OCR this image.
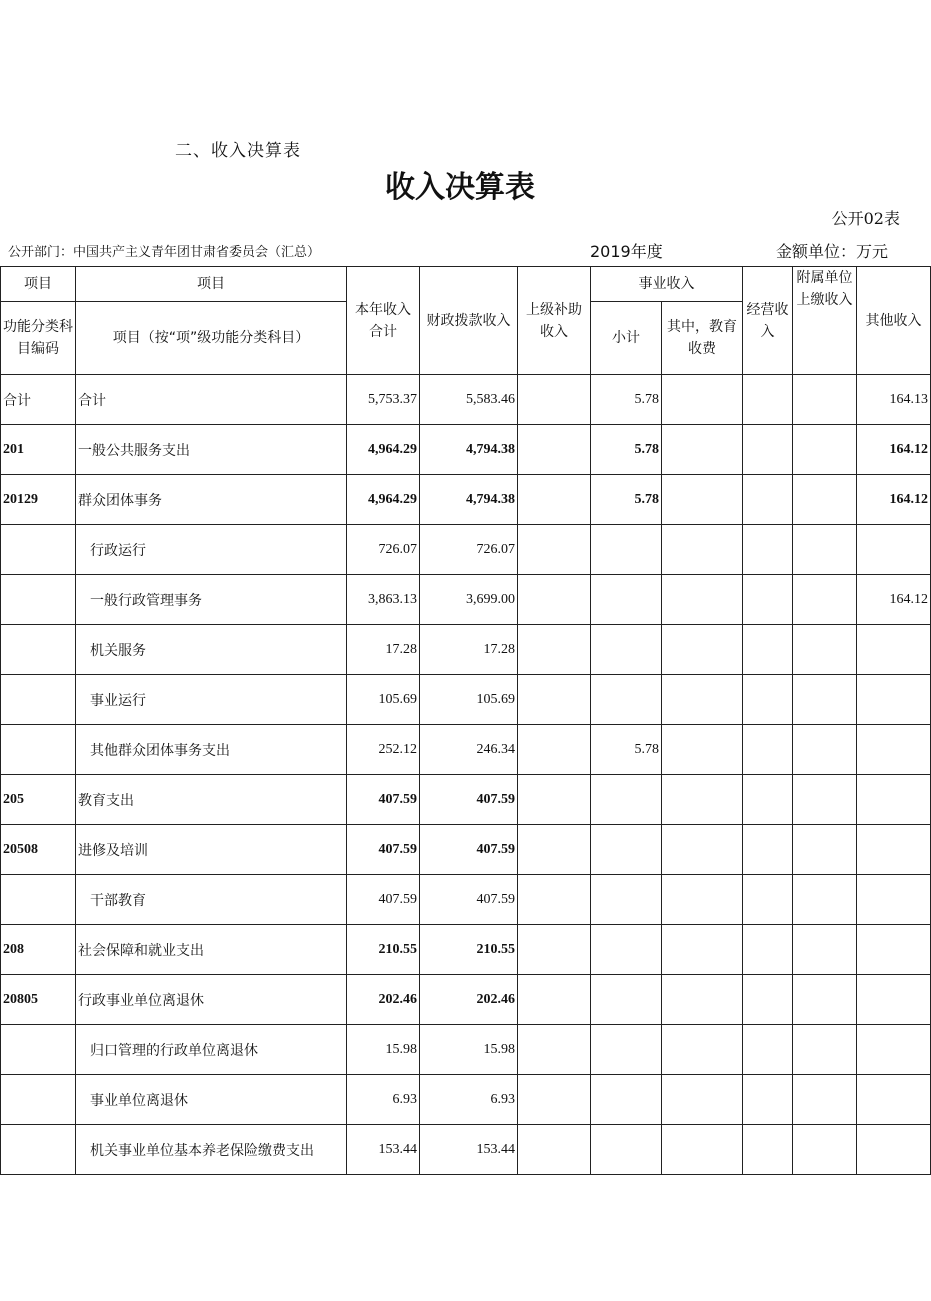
二、收入决算表
收入决算表
公开02表
公开部门：中国共产主义青年团甘肃省委员会（汇总）	2019年度	金额单位：万元
项目	项目	本年收入合计	财政拨款收入	上级补助收入	事业收入		经营收入	附属单位上缴收入	其他收入
功能分类科目编码	项目（按“项”级功能分类科目）				小计	其中，教育收费			
合计	合计	5,753.37	5,583.46		5.78				164.13
201	一般公共服务支出	4,964.29	4,794.38		5.78				164.12
20129	群众团体事务	4,964.29	4,794.38		5.78				164.12
	行政运行	726.07	726.07						
	一般行政管理事务	3,863.13	3,699.00						164.12
	机关服务	17.28	17.28						
	事业运行	105.69	105.69						
	其他群众团体事务支出	252.12	246.34		5.78				
205	教育支出	407.59	407.59						
20508	进修及培训	407.59	407.59						
	干部教育	407.59	407.59						
208	社会保障和就业支出	210.55	210.55						
20805	行政事业单位离退休	202.46	202.46						
	归口管理的行政单位离退休	15.98	15.98						
	事业单位离退休	6.93	6.93						
	机关事业单位基本养老保险缴费支出	153.44	153.44						
